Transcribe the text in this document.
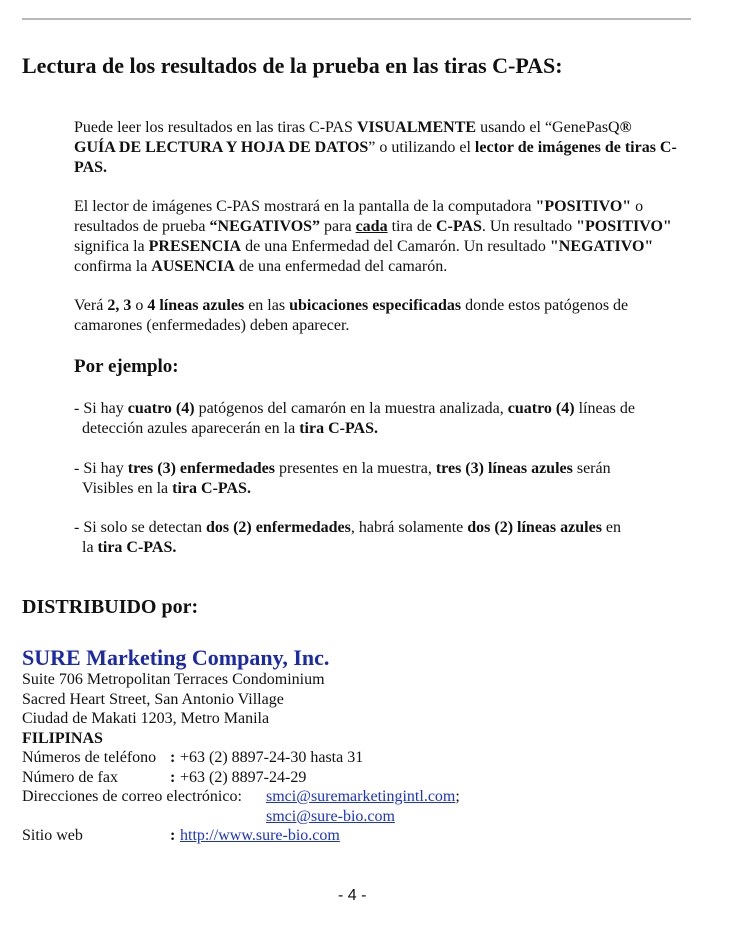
Lectura de los resultados de la prueba en las tiras C-PAS:
Puede leer los resultados en las tiras C-PAS VISUALMENTE usando el “GenePasQ®
GUÍA DE LECTURA Y HOJA DE DATOS” o utilizando el lector de imágenes de tiras C-PAS.
El lector de imágenes C-PAS mostrará en la pantalla de la computadora "POSITIVO" o resultados de prueba “NEGATIVOS” para cada tira de C-PAS. Un resultado "POSITIVO" significa la PRESENCIA de una Enfermedad del Camarón. Un resultado "NEGATIVO" confirma la AUSENCIA de una enfermedad del camarón.
Verá 2, 3 o 4 líneas azules en las ubicaciones especificadas donde estos patógenos de camarones (enfermedades) deben aparecer.
Por ejemplo:
- Si hay cuatro (4) patógenos del camarón en la muestra analizada, cuatro (4) líneas de
detección azules aparecerán en la tira C-PAS.
- Si hay tres (3) enfermedades presentes en la muestra, tres (3) líneas azules serán
Visibles en la tira C-PAS.
- Si solo se detectan dos (2) enfermedades, habrá solamente dos (2) líneas azules en
la tira C-PAS.
DISTRIBUIDO por:
SURE Marketing Company, Inc.
Suite 706 Metropolitan Terraces Condominium
Sacred Heart Street, San Antonio Village
Ciudad de Makati 1203, Metro Manila
FILIPINAS
Números de teléfono : +63 (2) 8897-24-30 hasta 31
Número de fax	: +63 (2) 8897-24-29
Direcciones de correo electrónico: smci@suremarketingintl.com;
smci@sure-bio.com
Sitio web	: http://www.sure-bio.com
- 4 -
